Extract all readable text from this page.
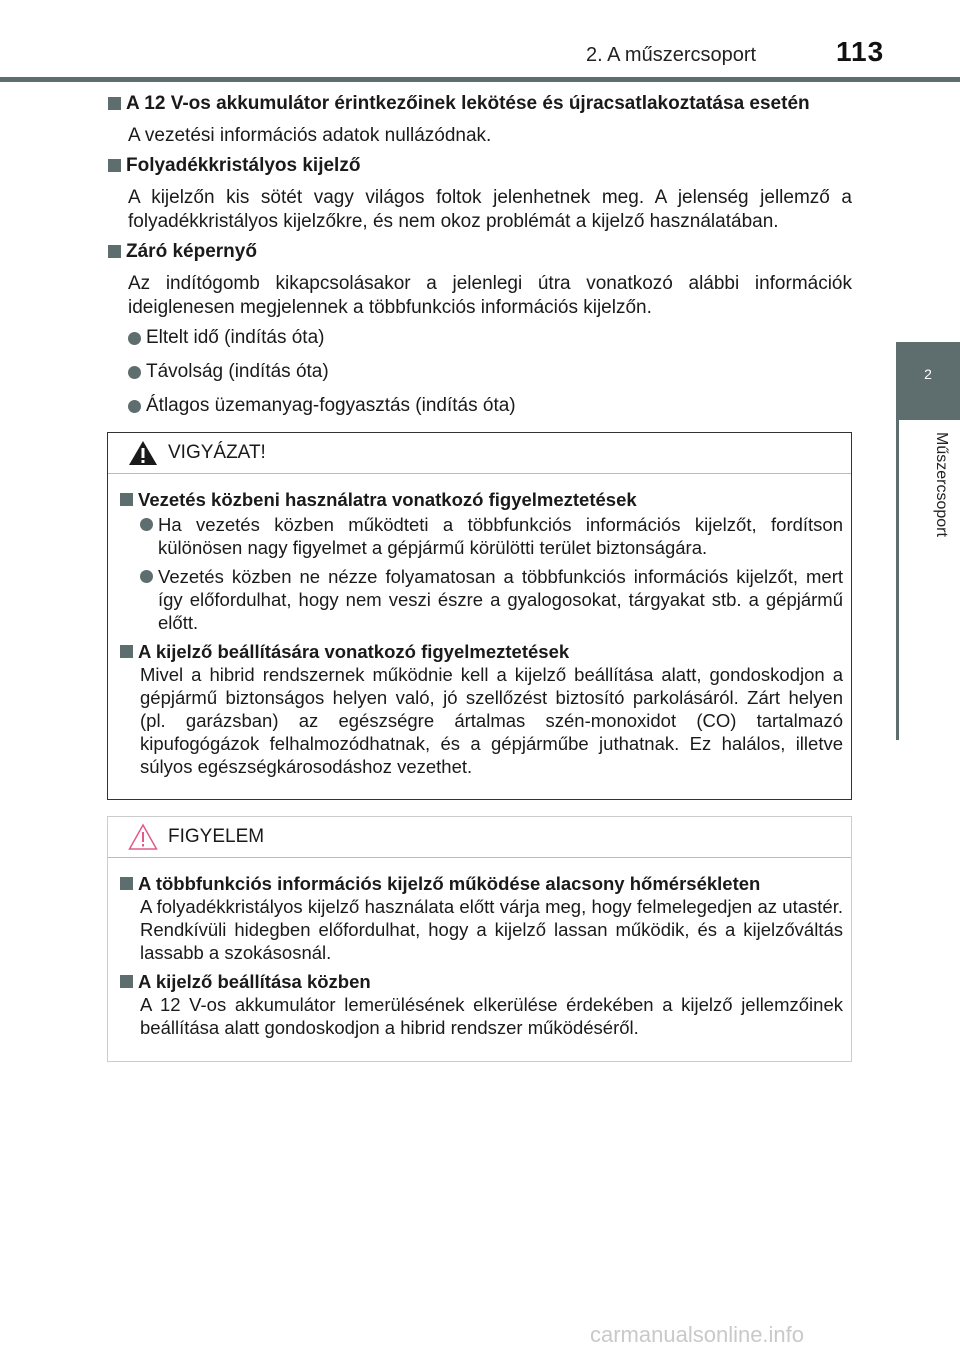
2. A műszercsoport	113
2
Műszercsoport
A 12 V-os akkumulátor érintkezőinek lekötése és újracsatlakoztatása esetén
A vezetési információs adatok nullázódnak.
Folyadékkristályos kijelző
A kijelzőn kis sötét vagy világos foltok jelenhetnek meg. A jelenség jellemző a folyadékkristályos kijelzőkre, és nem okoz problémát a kijelző használatában.
Záró képernyő
Az indítógomb kikapcsolásakor a jelenlegi útra vonatkozó alábbi információk ideiglenesen megjelennek a többfunkciós információs kijelzőn.
Eltelt idő (indítás óta)
Távolság (indítás óta)
Átlagos üzemanyag-fogyasztás (indítás óta)
VIGYÁZAT!
Vezetés közbeni használatra vonatkozó figyelmeztetések
Ha vezetés közben működteti a többfunkciós információs kijelzőt, fordítson különösen nagy figyelmet a gépjármű körülötti terület biztonságára.
Vezetés közben ne nézze folyamatosan a többfunkciós információs kijelzőt, mert így előfordulhat, hogy nem veszi észre a gyalogosokat, tárgyakat stb. a gépjármű előtt.
A kijelző beállítására vonatkozó figyelmeztetések
Mivel a hibrid rendszernek működnie kell a kijelző beállítása alatt, gondoskodjon a gépjármű biztonságos helyen való, jó szellőzést biztosító parkolásáról. Zárt helyen (pl. garázsban) az egészségre ártalmas szén-monoxidot (CO) tartalmazó kipufogógázok felhalmozódhatnak, és a gépjárműbe juthatnak. Ez halálos, illetve súlyos egészségkárosodáshoz vezethet.
FIGYELEM
A többfunkciós információs kijelző működése alacsony hőmérsékleten
A folyadékkristályos kijelző használata előtt várja meg, hogy felmelegedjen az utastér. Rendkívüli hidegben előfordulhat, hogy a kijelző lassan működik, és a kijelzőváltás lassabb a szokásosnál.
A kijelző beállítása közben
A 12 V-os akkumulátor lemerülésének elkerülése érdekében a kijelző jellemzőinek beállítása alatt gondoskodjon a hibrid rendszer működéséről.
carmanualsonline.info
